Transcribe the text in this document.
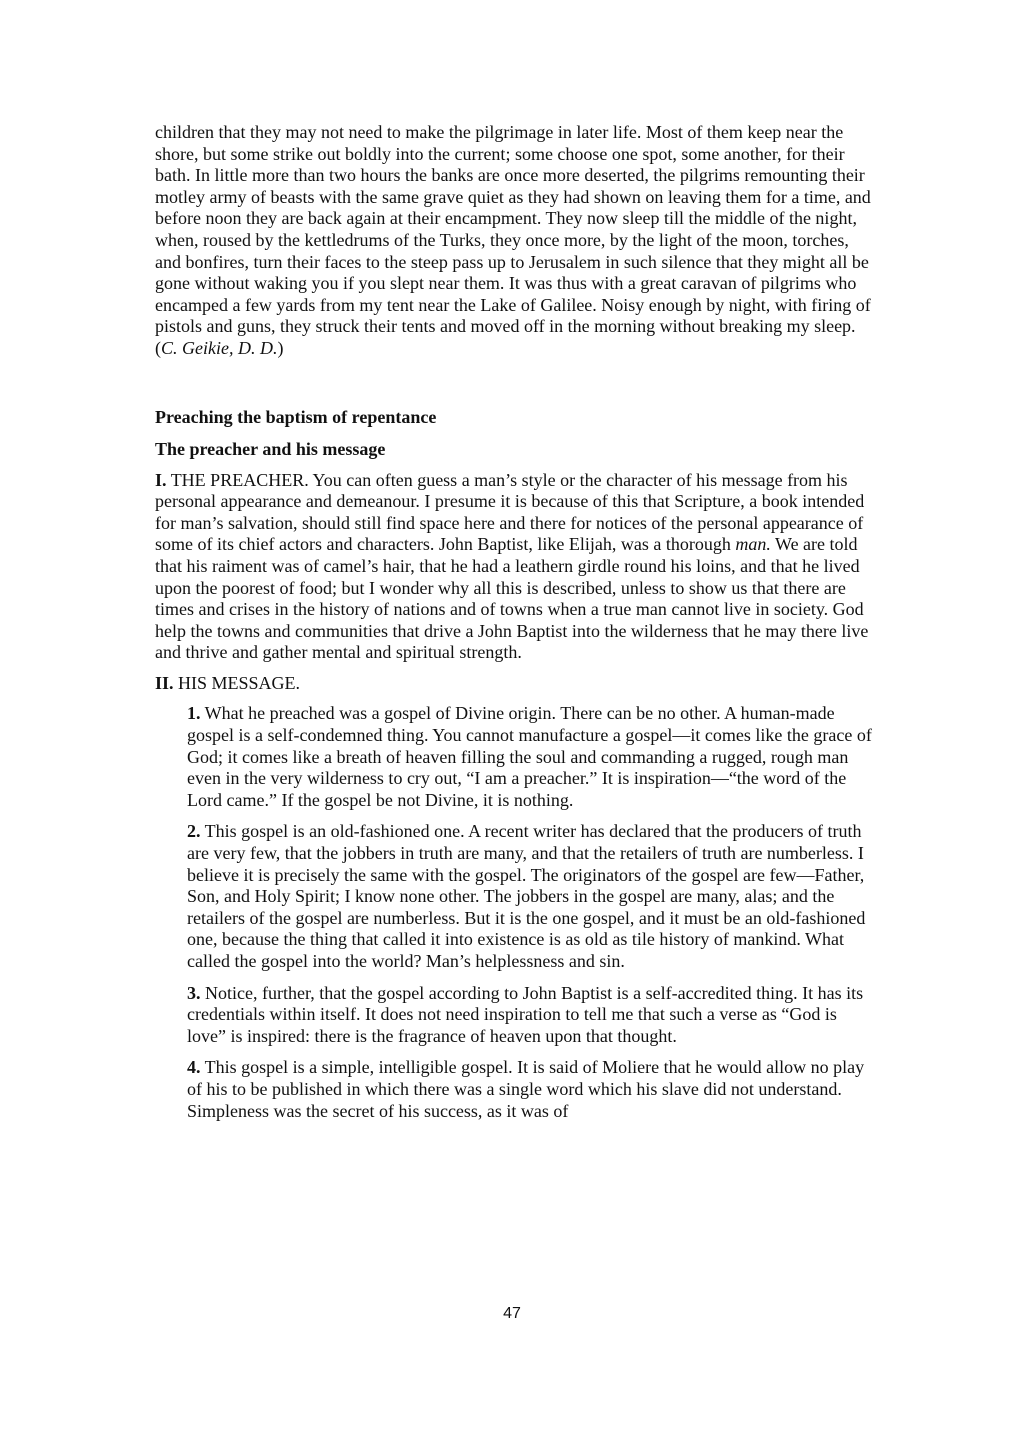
children that they may not need to make the pilgrimage in later life. Most of them keep near the shore, but some strike out boldly into the current; some choose one spot, some another, for their bath. In little more than two hours the banks are once more deserted, the pilgrims remounting their motley army of beasts with the same grave quiet as they had shown on leaving them for a time, and before noon they are back again at their encampment. They now sleep till the middle of the night, when, roused by the kettledrums of the Turks, they once more, by the light of the moon, torches, and bonfires, turn their faces to the steep pass up to Jerusalem in such silence that they might all be gone without waking you if you slept near them. It was thus with a great caravan of pilgrims who encamped a few yards from my tent near the Lake of Galilee. Noisy enough by night, with firing of pistols and guns, they struck their tents and moved off in the morning without breaking my sleep. (C. Geikie, D. D.)

Preaching the baptism of repentance
The preacher and his message

I. THE PREACHER. You can often guess a man’s style or the character of his message from his personal appearance and demeanour. I presume it is because of this that Scripture, a book intended for man’s salvation, should still find space here and there for notices of the personal appearance of some of its chief actors and characters. John Baptist, like Elijah, was a thorough man. We are told that his raiment was of camel’s hair, that he had a leathern girdle round his loins, and that he lived upon the poorest of food; but I wonder why all this is described, unless to show us that there are times and crises in the history of nations and of towns when a true man cannot live in society. God help the towns and communities that drive a John Baptist into the wilderness that he may there live and thrive and gather mental and spiritual strength.

II. HIS MESSAGE.

1. What he preached was a gospel of Divine origin. There can be no other. A human-made gospel is a self-condemned thing. You cannot manufacture a gospel—it comes like the grace of God; it comes like a breath of heaven filling the soul and commanding a rugged, rough man even in the very wilderness to cry out, “I am a preacher.” It is inspiration—“the word of the Lord came.” If the gospel be not Divine, it is nothing.

2. This gospel is an old-fashioned one. A recent writer has declared that the producers of truth are very few, that the jobbers in truth are many, and that the retailers of truth are numberless. I believe it is precisely the same with the gospel. The originators of the gospel are few—Father, Son, and Holy Spirit; I know none other. The jobbers in the gospel are many, alas; and the retailers of the gospel are numberless. But it is the one gospel, and it must be an old-fashioned one, because the thing that called it into existence is as old as tile history of mankind. What called the gospel into the world? Man’s helplessness and sin.

3. Notice, further, that the gospel according to John Baptist is a self-accredited thing. It has its credentials within itself. It does not need inspiration to tell me that such a verse as “God is love” is inspired: there is the fragrance of heaven upon that thought.

4. This gospel is a simple, intelligible gospel. It is said of Moliere that he would allow no play of his to be published in which there was a single word which his slave did not understand. Simpleness was the secret of his success, as it was of

47
